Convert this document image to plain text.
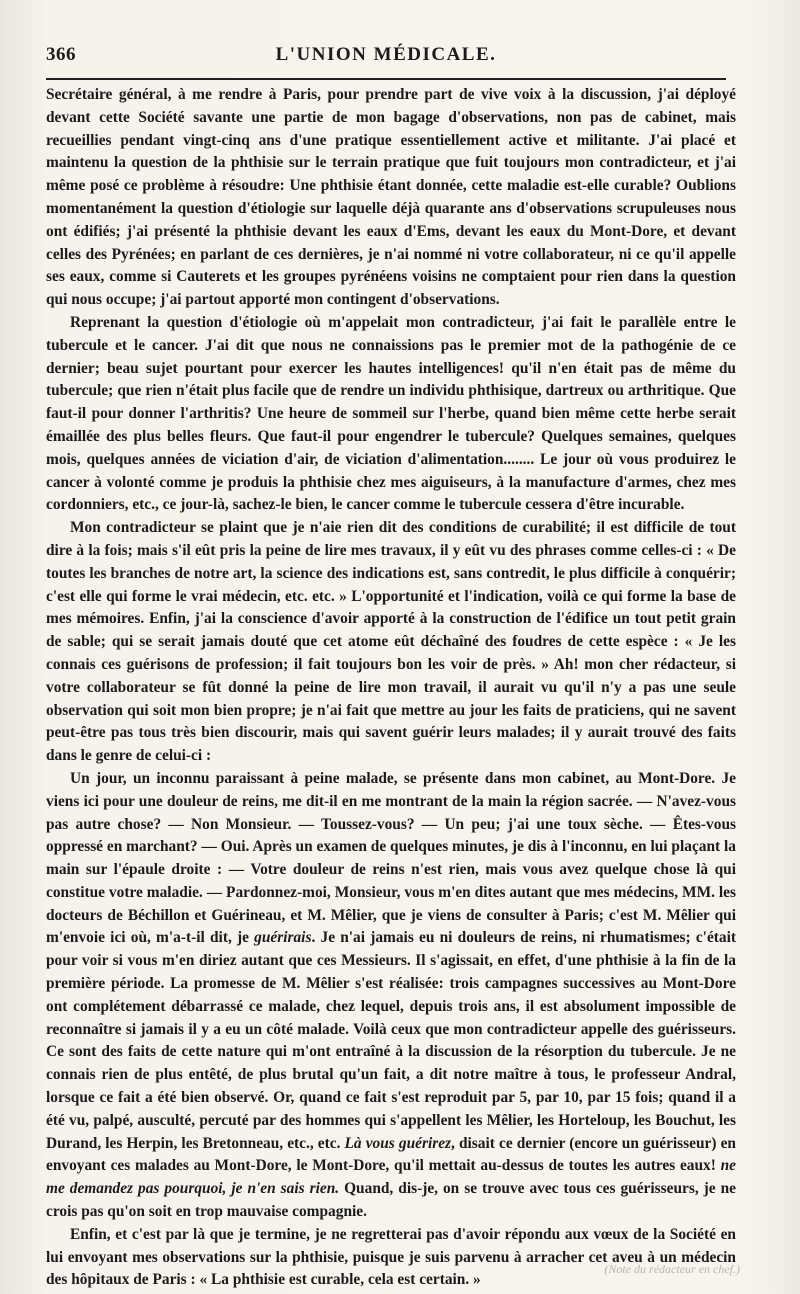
366	L'UNION MÉDICALE.

Secrétaire général, à me rendre à Paris, pour prendre part de vive voix à la discussion, j'ai déployé devant cette Société savante une partie de mon bagage d'observations, non pas de cabinet, mais recueillies pendant vingt-cinq ans d'une pratique essentiellement active et militante. J'ai placé et maintenu la question de la phthisie sur le terrain pratique que fuit toujours mon contradicteur, et j'ai même posé ce problème à résoudre: Une phthisie étant donnée, cette maladie est-elle curable? Oublions momentanément la question d'étiologie sur laquelle déjà quarante ans d'observations scrupuleuses nous ont édifiés; j'ai présenté la phthisie devant les eaux d'Ems, devant les eaux du Mont-Dore, et devant celles des Pyrénées; en parlant de ces dernières, je n'ai nommé ni votre collaborateur, ni ce qu'il appelle ses eaux, comme si Cauterets et les groupes pyrénéens voisins ne comptaient pour rien dans la question qui nous occupe; j'ai partout apporté mon contingent d'observations.

Reprenant la question d'étiologie où m'appelait mon contradicteur, j'ai fait le parallèle entre le tubercule et le cancer. J'ai dit que nous ne connaissions pas le premier mot de la pathogénie de ce dernier; beau sujet pourtant pour exercer les hautes intelligences! qu'il n'en était pas de même du tubercule; que rien n'était plus facile que de rendre un individu phthisique, dartreux ou arthritique. Que faut-il pour donner l'arthritis? Une heure de sommeil sur l'herbe, quand bien même cette herbe serait émaillée des plus belles fleurs. Que faut-il pour engendrer le tubercule? Quelques semaines, quelques mois, quelques années de viciation d'air, de viciation d'alimentation........ Le jour où vous produirez le cancer à volonté comme je produis la phthisie chez mes aiguiseurs, à la manufacture d'armes, chez mes cordonniers, etc., ce jour-là, sachez-le bien, le cancer comme le tubercule cessera d'être incurable.

Mon contradicteur se plaint que je n'aie rien dit des conditions de curabilité; il est difficile de tout dire à la fois; mais s'il eût pris la peine de lire mes travaux, il y eût vu des phrases comme celles-ci : « De toutes les branches de notre art, la science des indications est, sans contredit, le plus difficile à conquérir; c'est elle qui forme le vrai médecin, etc. etc. » L'opportunité et l'indication, voilà ce qui forme la base de mes mémoires. Enfin, j'ai la conscience d'avoir apporté à la construction de l'édifice un tout petit grain de sable; qui se serait jamais douté que cet atome eût déchaîné des foudres de cette espèce : « Je les connais ces guérisons de profession; il fait toujours bon les voir de près. » Ah! mon cher rédacteur, si votre collaborateur se fût donné la peine de lire mon travail, il aurait vu qu'il n'y a pas une seule observation qui soit mon bien propre; je n'ai fait que mettre au jour les faits de praticiens, qui ne savent peut-être pas tous très bien discourir, mais qui savent guérir leurs malades; il y aurait trouvé des faits dans le genre de celui-ci :

Un jour, un inconnu paraissant à peine malade, se présente dans mon cabinet, au Mont-Dore. Je viens ici pour une douleur de reins, me dit-il en me montrant de la main la région sacrée. — N'avez-vous pas autre chose? — Non Monsieur. — Toussez-vous? — Un peu; j'ai une toux sèche. — Êtes-vous oppressé en marchant? — Oui. Après un examen de quelques minutes, je dis à l'inconnu, en lui plaçant la main sur l'épaule droite : — Votre douleur de reins n'est rien, mais vous avez quelque chose là qui constitue votre maladie. — Pardonnez-moi, Monsieur, vous m'en dites autant que mes médecins, MM. les docteurs de Béchillon et Guérineau, et M. Mêlier, que je viens de consulter à Paris; c'est M. Mêlier qui m'envoie ici où, m'a-t-il dit, je guérirais. Je n'ai jamais eu ni douleurs de reins, ni rhumatismes; c'était pour voir si vous m'en diriez autant que ces Messieurs. Il s'agissait, en effet, d'une phthisie à la fin de la première période. La promesse de M. Mêlier s'est réalisée: trois campagnes successives au Mont-Dore ont complétement débarrassé ce malade, chez lequel, depuis trois ans, il est absolument impossible de reconnaître si jamais il y a eu un côté malade. Voilà ceux que mon contradicteur appelle des guérisseurs. Ce sont des faits de cette nature qui m'ont entraîné à la discussion de la résorption du tubercule. Je ne connais rien de plus entêté, de plus brutal qu'un fait, a dit notre maître à tous, le professeur Andral, lorsque ce fait a été bien observé. Or, quand ce fait s'est reproduit par 5, par 10, par 15 fois; quand il a été vu, palpé, ausculté, percuté par des hommes qui s'appellent les Mêlier, les Horteloup, les Bouchut, les Durand, les Herpin, les Bretonneau, etc., etc. Là vous guérirez, disait ce dernier (encore un guérisseur) en envoyant ces malades au Mont-Dore, le Mont-Dore, qu'il mettait au-dessus de toutes les autres eaux! ne me demandez pas pourquoi, je n'en sais rien. Quand, dis-je, on se trouve avec tous ces guérisseurs, je ne crois pas qu'on soit en trop mauvaise compagnie.

Enfin, et c'est par là que je termine, je ne regretterai pas d'avoir répondu aux vœux de la Société en lui envoyant mes observations sur la phthisie, puisque je suis parvenu à arracher cet aveu à un médecin des hôpitaux de Paris : « La phthisie est curable, cela est certain. »

(Note du rédacteur en chef.)
